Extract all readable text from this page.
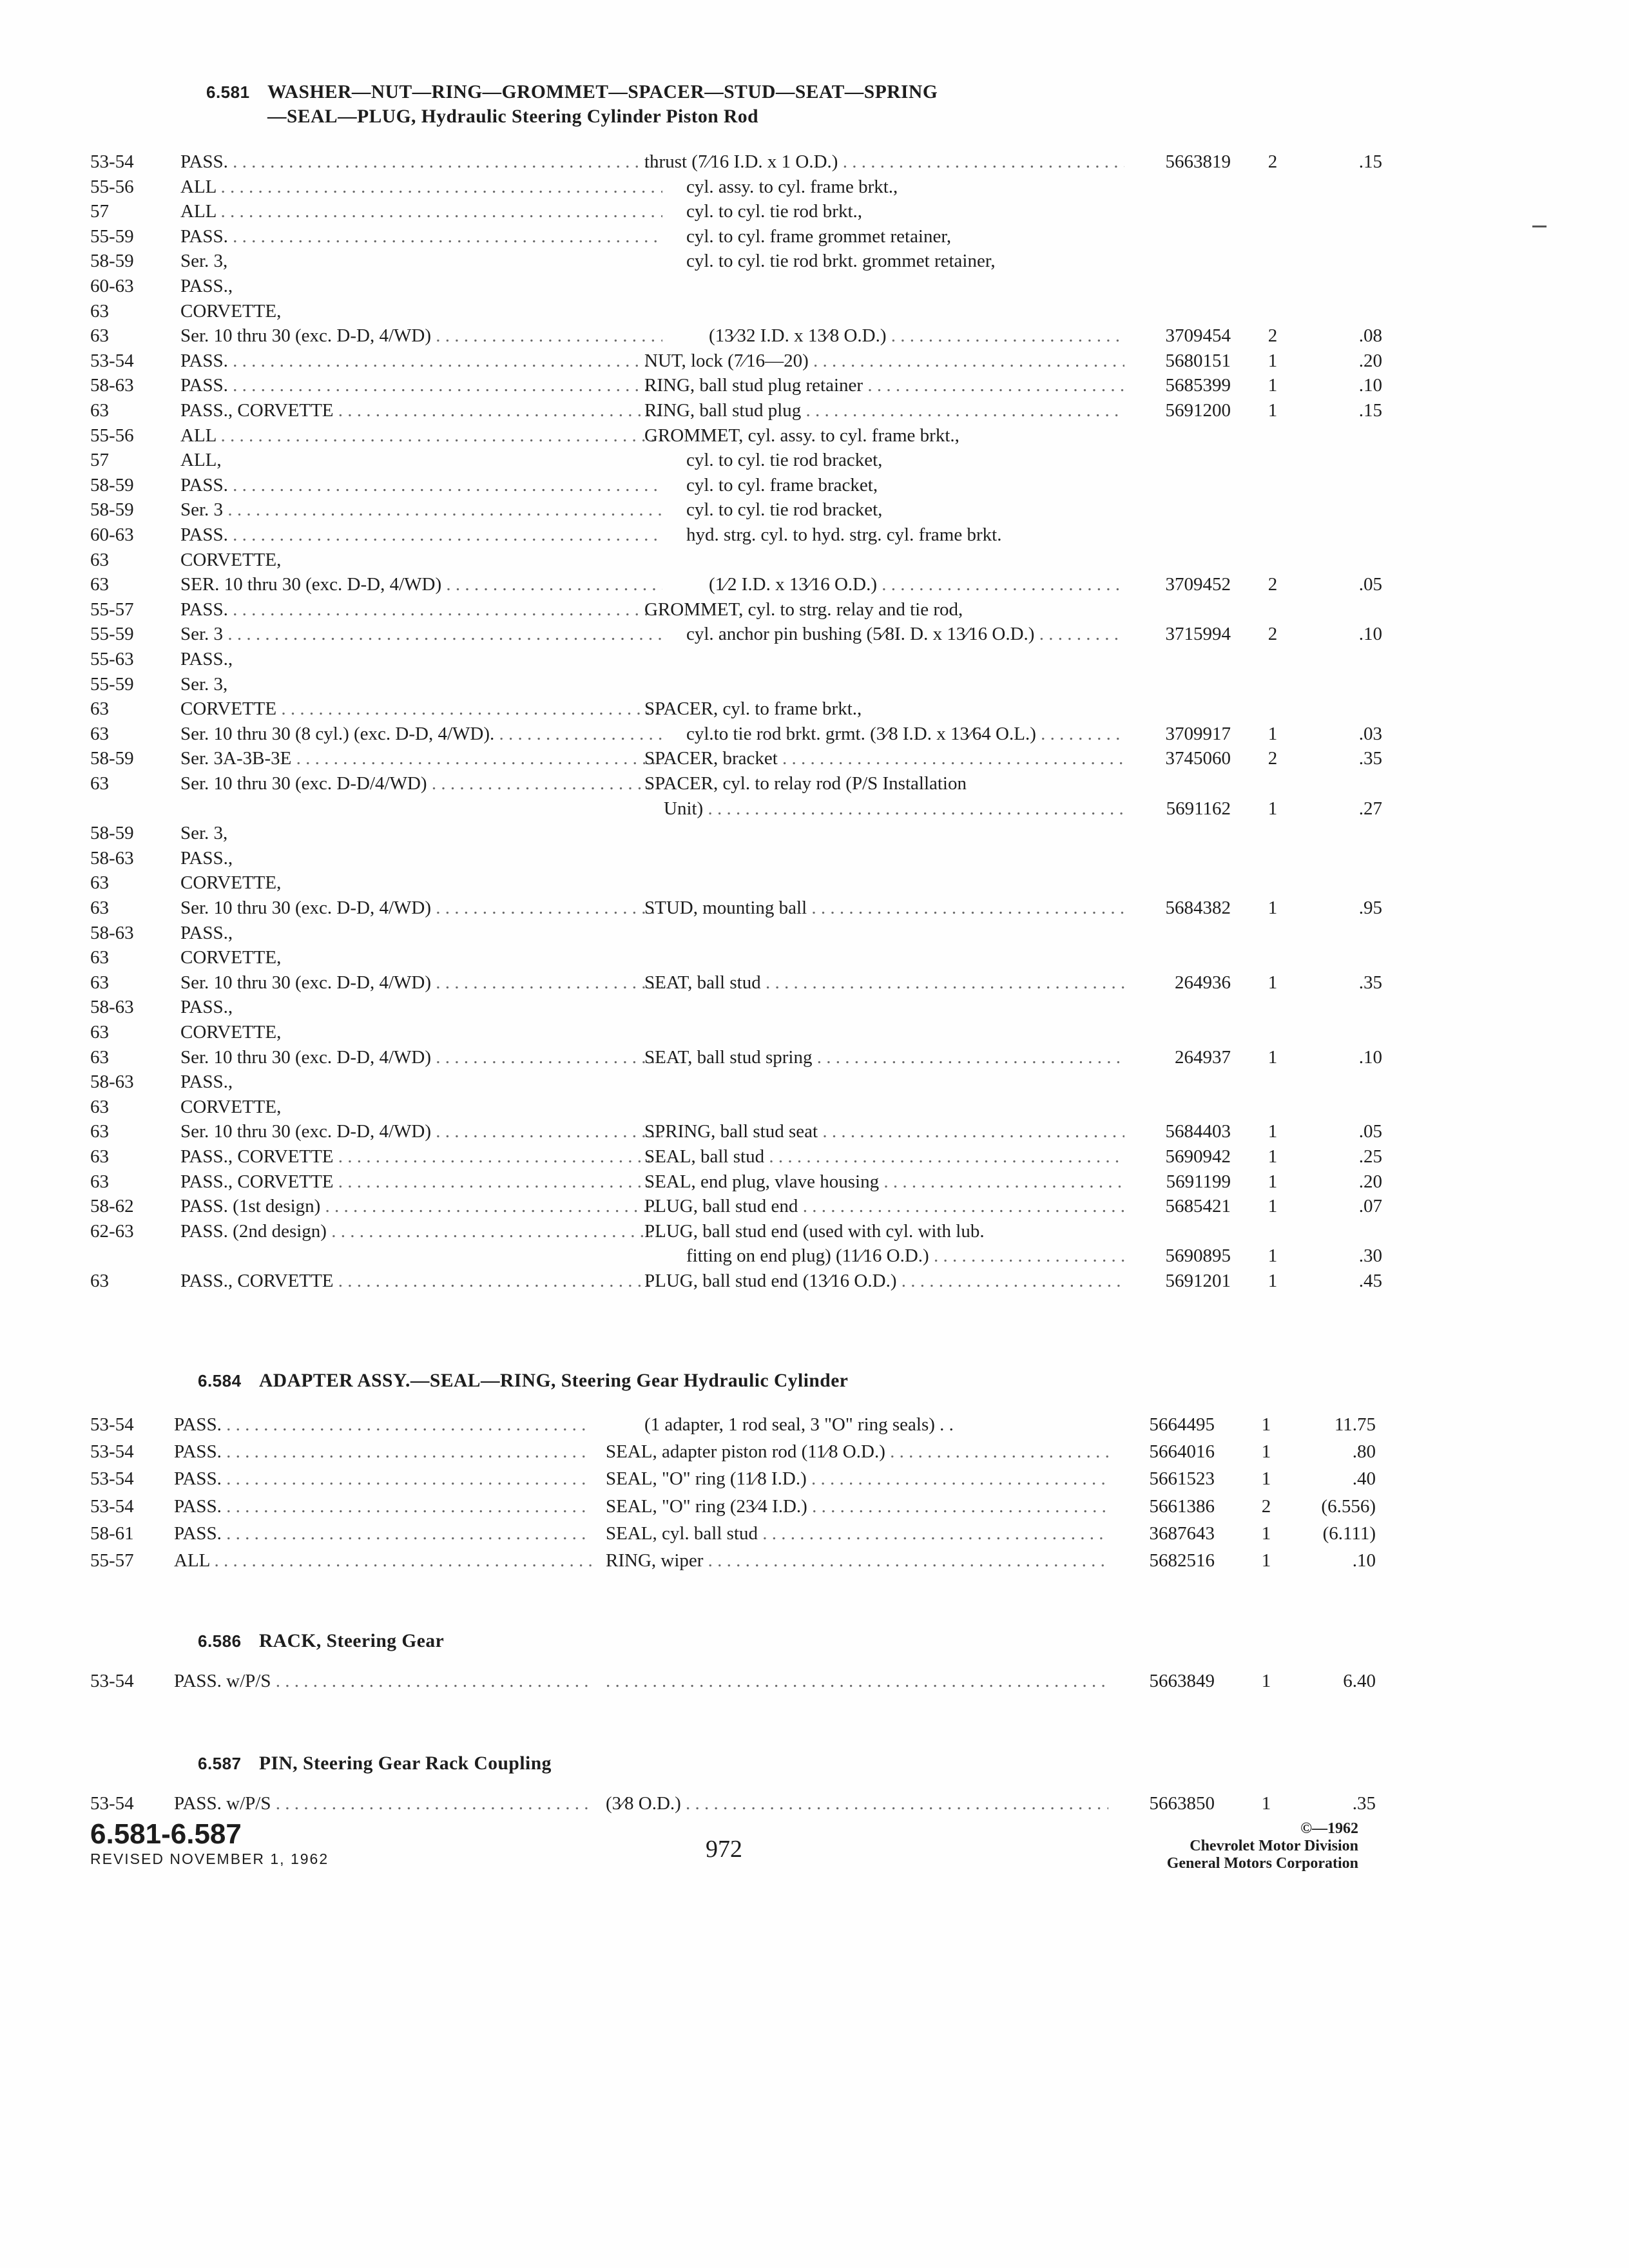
6.581 WASHER—NUT—RING—GROMMET—SPACER—STUD—SEAT—SPRING
—SEAL—PLUG, Hydraulic Steering Cylinder Piston Rod
53-54	PASS. . . .	thrust (7⁄16 I.D. x 1 O.D.) . . .	5663819	2	.15
55-56	ALL . . .	cyl. assy. to cyl. frame brkt.,
57	ALL . . .	cyl. to cyl. tie rod brkt.,
55-59	PASS. . . .	cyl. to cyl. frame grommet retainer,
58-59	Ser. 3,	cyl. to cyl. tie rod brkt. grommet retainer,
60-63	PASS.,
63	CORVETTE,
63	Ser. 10 thru 30 (exc. D-D, 4/WD) . . .	(13⁄32 I.D. x 13⁄8 O.D.) . . .	3709454	2	.08
53-54	PASS. . . .	NUT, lock (7⁄16—20) . . .	5680151	1	.20
58-63	PASS. . . .	RING, ball stud plug retainer . . .	5685399	1	.10
63	PASS., CORVETTE . . .	RING, ball stud plug . . .	5691200	1	.15
55-56	ALL . . .	GROMMET, cyl. assy. to cyl. frame brkt.,
57	ALL,	cyl. to cyl. tie rod bracket,
58-59	PASS. . . .	cyl. to cyl. frame bracket,
58-59	Ser. 3 . . .	cyl. to cyl. tie rod bracket,
60-63	PASS. . . .	hyd. strg. cyl. to hyd. strg. cyl. frame brkt.
63	CORVETTE,
63	SER. 10 thru 30 (exc. D-D, 4/WD) . . .	(1⁄2 I.D. x 13⁄16 O.D.) . . .	3709452	2	.05
55-57	PASS. . . .	GROMMET, cyl. to strg. relay and tie rod,
55-59	Ser. 3 . . .	cyl. anchor pin bushing (5⁄8I. D. x 13⁄16 O.D.) . . .	3715994	2	.10
55-63	PASS.,
55-59	Ser. 3,
63	CORVETTE . . .	SPACER, cyl. to frame brkt.,
63	Ser. 10 thru 30 (8 cyl.) (exc. D-D, 4/WD). . . .	cyl.to tie rod brkt. grmt. (3⁄8 I.D. x 13⁄64 O.L.) . . .	3709917	1	.03
58-59	Ser. 3A-3B-3E . . .	SPACER, bracket . . .	3745060	2	.35
63	Ser. 10 thru 30 (exc. D-D/4/WD) . . .	SPACER, cyl. to relay rod (P/S Installation
Unit) . . .	5691162	1	.27
58-59	Ser. 3,
58-63	PASS.,
63	CORVETTE,
63	Ser. 10 thru 30 (exc. D-D, 4/WD) . . .	STUD, mounting ball . . .	5684382	1	.95
58-63	PASS.,
63	CORVETTE,
63	Ser. 10 thru 30 (exc. D-D, 4/WD) . . .	SEAT, ball stud . . .	264936	1	.35
58-63	PASS.,
63	CORVETTE,
63	Ser. 10 thru 30 (exc. D-D, 4/WD) . . .	SEAT, ball stud spring . . .	264937	1	.10
58-63	PASS.,
63	CORVETTE,
63	Ser. 10 thru 30 (exc. D-D, 4/WD) . . .	SPRING, ball stud seat . . .	5684403	1	.05
63	PASS., CORVETTE . . .	SEAL, ball stud . . .	5690942	1	.25
63	PASS., CORVETTE . . .	SEAL, end plug, vlave housing . . .	5691199	1	.20
58-62	PASS. (1st design) . . .	PLUG, ball stud end . . .	5685421	1	.07
62-63	PASS. (2nd design) . . .	PLUG, ball stud end (used with cyl. with lub.
fitting on end plug) (11⁄16 O.D.) . . .	5690895	1	.30
63	PASS., CORVETTE . . .	PLUG, ball stud end (13⁄16 O.D.) . . .	5691201	1	.45
6.584 ADAPTER ASSY.—SEAL—RING, Steering Gear Hydraulic Cylinder
53-54	PASS. . . .	(1 adapter, 1 rod seal, 3 "O" ring seals) . .	5664495	1	11.75
53-54	PASS. . . .	SEAL, adapter piston rod (11⁄8 O.D.) . . .	5664016	1	.80
53-54	PASS. . . .	SEAL, "O" ring (11⁄8 I.D.) . . .	5661523	1	.40
53-54	PASS. . . .	SEAL, "O" ring (23⁄4 I.D.) . . .	5661386	2	(6.556)
58-61	PASS. . . .	SEAL, cyl. ball stud . . .	3687643	1	(6.111)
55-57	ALL . . .	RING, wiper . . .	5682516	1	.10
6.586 RACK, Steering Gear
53-54	PASS. w/P/S . . .
. . .	5663849	1	6.40
6.587 PIN, Steering Gear Rack Coupling
53-54	PASS. w/P/S . . .	(3⁄8 O.D.) . . .	5663850	1	.35
6.581-6.587
REVISED NOVEMBER 1, 1962	972
©—1962
Chevrolet Motor Division
General Motors Corporation
